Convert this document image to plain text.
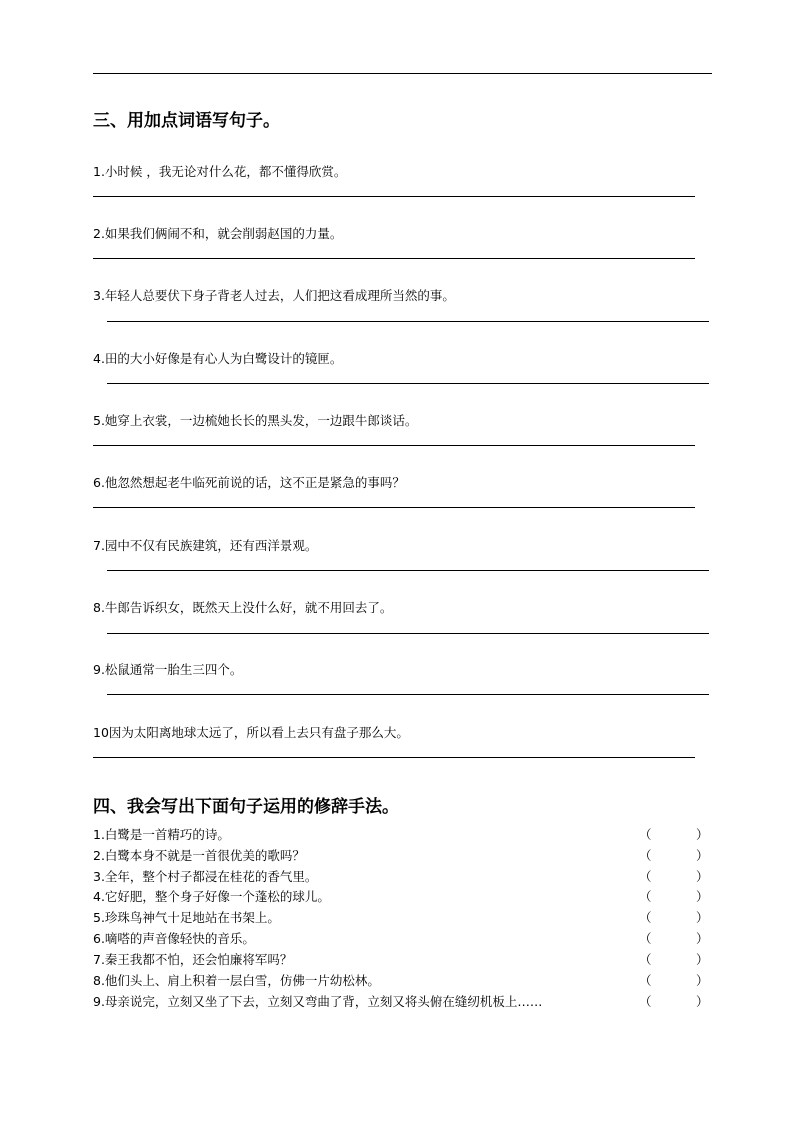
三、用加点词语写句子。
1.小时候 ，我无论对什么花，都不懂得欣赏。
2.如果我们俩闹不和，就会削弱赵国的力量。
3.年轻人总要伏下身子背老人过去，人们把这看成理所当然的事。
4.田的大小好像是有心人为白鹭设计的镜匣。
5.她穿上衣裳，一边梳她长长的黑头发，一边跟牛郎谈话。
6.他忽然想起老牛临死前说的话，这不正是紧急的事吗？
7.园中不仅有民族建筑，还有西洋景观。
8.牛郎告诉织女，既然天上没什么好，就不用回去了。
9.松鼠通常一胎生三四个。
10因为太阳离地球太远了，所以看上去只有盘子那么大。
四、我会写出下面句子运用的修辞手法。
1.白鹭是一首精巧的诗。	（	）
2.白鹭本身不就是一首很优美的歌吗？	（	）
3.全年，整个村子都浸在桂花的香气里。	（	）
4.它好肥，整个身子好像一个蓬松的球儿。	（	）
5.珍珠鸟神气十足地站在书架上。	（	）
6.嘀嗒的声音像轻快的音乐。	（	）
7.秦王我都不怕，还会怕廉将军吗？	（	）
8.他们头上、肩上积着一层白雪，仿佛一片幼松林。	（	）
9.母亲说完，立刻又坐了下去，立刻又弯曲了背，立刻又将头俯在缝纫机板上……	（	）
